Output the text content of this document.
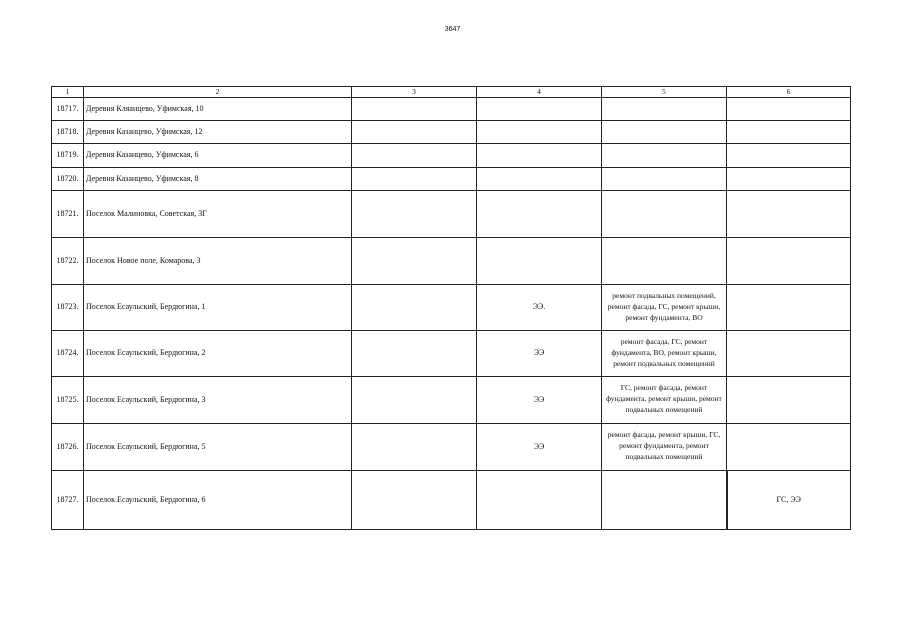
3647
1	2	3	4	5	6
18717.	Деревня Кляанцево, Уфимская, 10				
18718.	Деревня Казанцево, Уфимская, 12				
18719.	Деревня Казанцево, Уфимская, 6				
18720.	Деревня Казанцево, Уфимская, 8				
18721.	Поселок Малиновка, Советская, 3Г				
18722.	Поселок Новое поле, Комарова, 3				
18723.	Поселок Есаульский, Бердюгина, 1		ЭЭ.	ремонт подвальных помещений, ремонт фасада, ГС, ремонт крыши, ремонт фундамента, ВО	
18724.	Поселок Есаульский, Бердюгина, 2		ЭЭ	ремонт фасада, ГС, ремонт фундамента, ВО, ремонт крыши, ремонт подвальных помещений	
18725.	Поселок Есаульский, Бердюгина, 3		ЭЭ	ГС, ремонт фасада, ремонт фундамента, ремонт крыши, ремонт подвальных помещений	
18726.	Поселок Есаульский, Бердюгина, 5		ЭЭ	ремонт фасада, ремонт крыши, ГС, ремонт фундамента, ремонт подвальных помещений	
18727.	Поселок Есаульский, Бердюгина, 6				ГС, ЭЭ
